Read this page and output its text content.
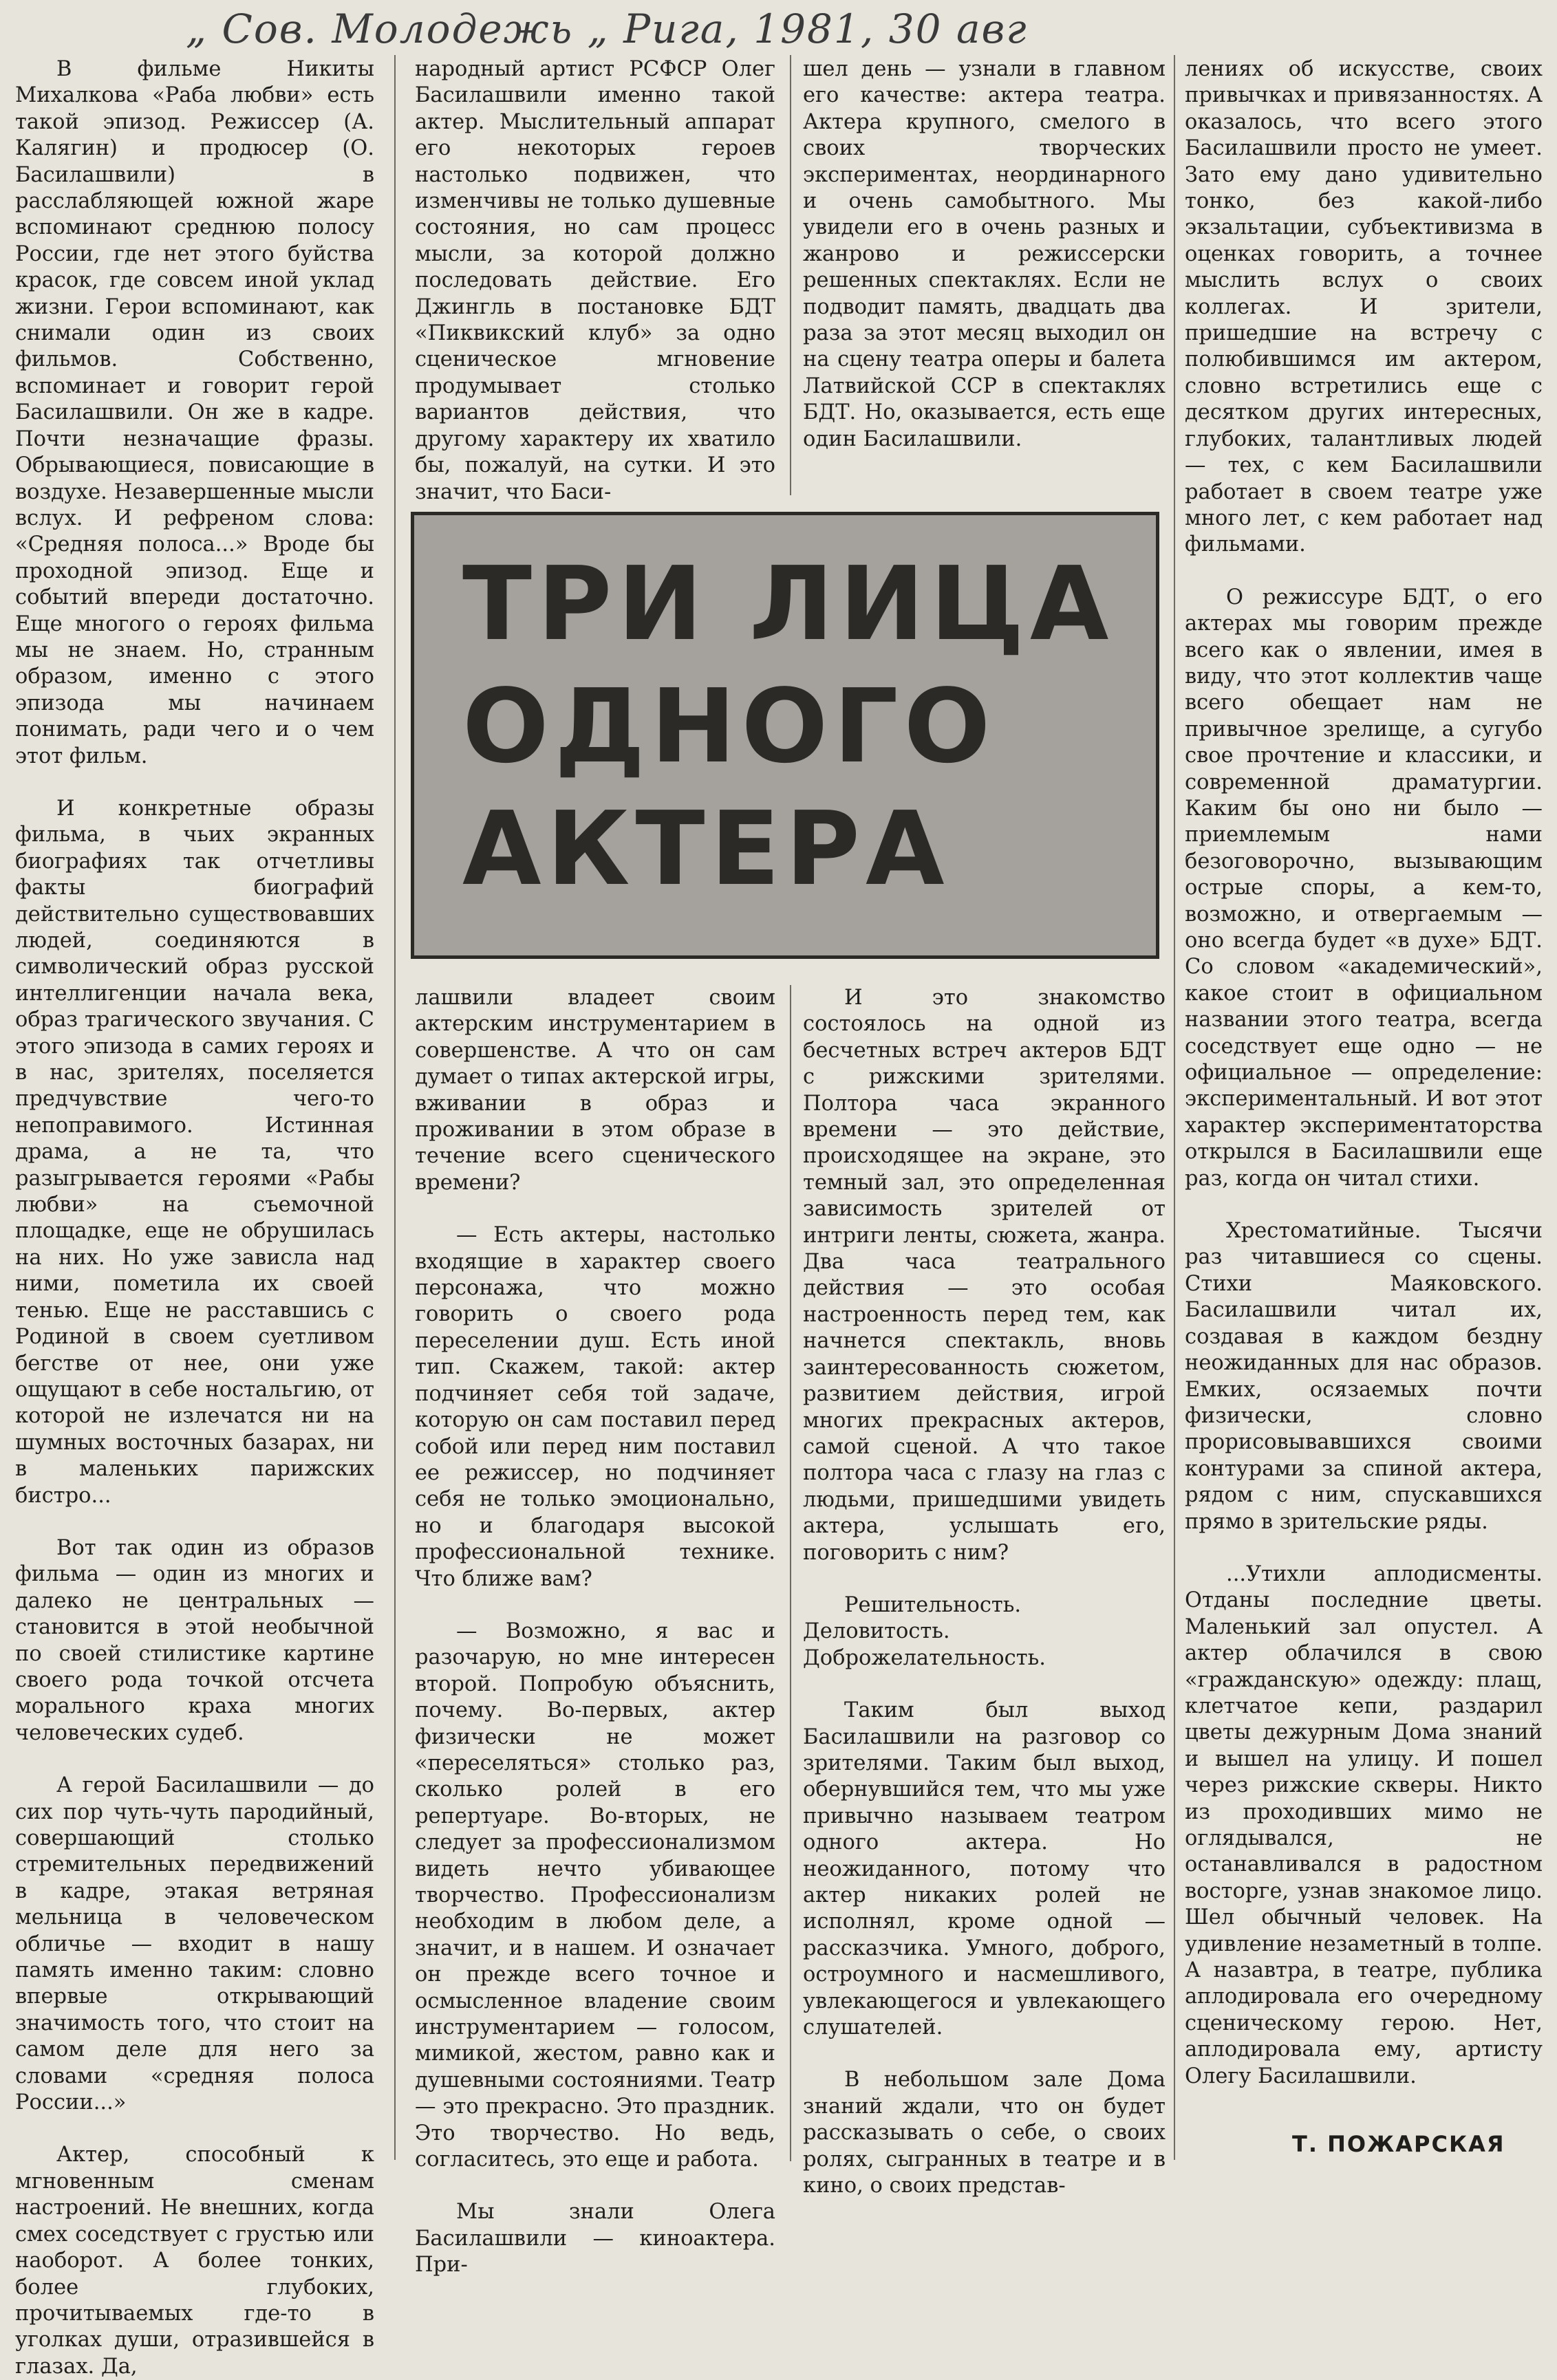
„ Сов. Молодежь „ Рига, 1981, 30 авг

В фильме Никиты Михалкова «Раба любви» есть такой эпизод. Режиссер (А. Калягин) и продюсер (О. Басилашвили) в расслабляющей южной жаре вспоминают среднюю полосу России, где нет этого буйства красок, где совсем иной уклад жизни. Герои вспоминают, как снимали один из своих фильмов. Собственно, вспоминает и говорит герой Басилашвили. Он же в кадре. Почти незначащие фразы. Обрывающиеся, повисающие в воздухе. Незавершенные мысли вслух. И рефреном слова: «Средняя полоса...» Вроде бы проходной эпизод. Еще и событий впереди достаточно. Еще многого о героях фильма мы не знаем. Но, странным образом, именно с этого эпизода мы начинаем понимать, ради чего и о чем этот фильм.

И конкретные образы фильма, в чьих экранных биографиях так отчетливы факты биографий действительно существовавших людей, соединяются в символический образ русской интеллигенции начала века, образ трагического звучания. С этого эпизода в самих героях и в нас, зрителях, поселяется предчувствие чего-то непоправимого. Истинная драма, а не та, что разыгрывается героями «Рабы любви» на съемочной площадке, еще не обрушилась на них. Но уже зависла над ними, пометила их своей тенью. Еще не расставшись с Родиной в своем суетливом бегстве от нее, они уже ощущают в себе ностальгию, от которой не излечатся ни на шумных восточных базарах, ни в маленьких парижских бистро...

Вот так один из образов фильма — один из многих и далеко не центральных — становится в этой необычной по своей стилистике картине своего рода точкой отсчета морального краха многих человеческих судеб.

А герой Басилашвили — до сих пор чуть-чуть пародийный, совершающий столько стремительных передвижений в кадре, этакая ветряная мельница в человеческом обличье — входит в нашу память именно таким: словно впервые открывающий значимость того, что стоит на самом деле для него за словами «средняя полоса России...»

Актер, способный к мгновенным сменам настроений. Не внешних, когда смех соседствует с грустью или наоборот. А более тонких, более глубоких, прочитываемых где-то в уголках души, отразившейся в глазах. Да,

народный артист РСФСР Олег Басилашвили именно такой актер. Мыслительный аппарат его некоторых героев настолько подвижен, что изменчивы не только душевные состояния, но сам процесс мысли, за которой должно последовать действие. Его Джингль в постановке БДТ «Пиквикский клуб» за одно сценическое мгновение продумывает столько вариантов действия, что другому характеру их хватило бы, пожалуй, на сутки. И это значит, что Баси-

шел день — узнали в главном его качестве: актера театра. Актера крупного, смелого в своих творческих экспериментах, неординарного и очень самобытного. Мы увидели его в очень разных и жанрово и режиссерски решенных спектаклях. Если не подводит память, двадцать два раза за этот месяц выходил он на сцену театра оперы и балета Латвийской ССР в спектаклях БДТ. Но, оказывается, есть еще один Басилашвили.

ТРИ ЛИЦА
ОДНОГО
АКТЕРА

лашвили владеет своим актерским инструментарием в совершенстве. А что он сам думает о типах актерской игры, вживании в образ и проживании в этом образе в течение всего сценического времени?

— Есть актеры, настолько входящие в характер своего персонажа, что можно говорить о своего рода переселении душ. Есть иной тип. Скажем, такой: актер подчиняет себя той задаче, которую он сам поставил перед собой или перед ним поставил ее режиссер, но подчиняет себя не только эмоционально, но и благодаря высокой профессиональной технике. Что ближе вам?

— Возможно, я вас и разочарую, но мне интересен второй. Попробую объяснить, почему. Во-первых, актер физически не может «переселяться» столько раз, сколько ролей в его репертуаре. Во-вторых, не следует за профессионализмом видеть нечто убивающее творчество. Профессионализм необходим в любом деле, а значит, и в нашем. И означает он прежде всего точное и осмысленное владение своим инструментарием — голосом, мимикой, жестом, равно как и душевными состояниями. Театр — это прекрасно. Это праздник. Это творчество. Но ведь, согласитесь, это еще и работа.

Мы знали Олега Басилашвили — киноактера. При-

И это знакомство состоялось на одной из бесчетных встреч актеров БДТ с рижскими зрителями. Полтора часа экранного времени — это действие, происходящее на экране, это темный зал, это определенная зависимость зрителей от интриги ленты, сюжета, жанра. Два часа театрального действия — это особая настроенность перед тем, как начнется спектакль, вновь заинтересованность сюжетом, развитием действия, игрой многих прекрасных актеров, самой сценой. А что такое полтора часа с глазу на глаз с людьми, пришедшими увидеть актера, услышать его, поговорить с ним?

Решительность. Деловитость. Доброжелательность.

Таким был выход Басилашвили на разговор со зрителями. Таким был выход, обернувшийся тем, что мы уже привычно называем театром одного актера. Но неожиданного, потому что актер никаких ролей не исполнял, кроме одной — рассказчика. Умного, доброго, остроумного и насмешливого, увлекающегося и увлекающего слушателей.

В небольшом зале Дома знаний ждали, что он будет рассказывать о себе, о своих ролях, сыгранных в театре и в кино, о своих представ-

лениях об искусстве, своих привычках и привязанностях. А оказалось, что всего этого Басилашвили просто не умеет. Зато ему дано удивительно тонко, без какой-либо экзальтации, субъективизма в оценках говорить, а точнее мыслить вслух о своих коллегах. И зрители, пришедшие на встречу с полюбившимся им актером, словно встретились еще с десятком других интересных, глубоких, талантливых людей — тех, с кем Басилашвили работает в своем театре уже много лет, с кем работает над фильмами.

О режиссуре БДТ, о его актерах мы говорим прежде всего как о явлении, имея в виду, что этот коллектив чаще всего обещает нам не привычное зрелище, а сугубо свое прочтение и классики, и современной драматургии. Каким бы оно ни было — приемлемым нами безоговорочно, вызывающим острые споры, а кем-то, возможно, и отвергаемым — оно всегда будет «в духе» БДТ. Со словом «академический», какое стоит в официальном названии этого театра, всегда соседствует еще одно — не официальное — определение: экспериментальный. И вот этот характер экспериментаторства открылся в Басилашвили еще раз, когда он читал стихи.

Хрестоматийные. Тысячи раз читавшиеся со сцены. Стихи Маяковского. Басилашвили читал их, создавая в каждом бездну неожиданных для нас образов. Емких, осязаемых почти физически, словно прорисовывавшихся своими контурами за спиной актера, рядом с ним, спускавшихся прямо в зрительские ряды.

...Утихли аплодисменты. Отданы последние цветы. Маленький зал опустел. А актер облачился в свою «гражданскую» одежду: плащ, клетчатое кепи, раздарил цветы дежурным Дома знаний и вышел на улицу. И пошел через рижские скверы. Никто из проходивших мимо не оглядывался, не останавливался в радостном восторге, узнав знакомое лицо. Шел обычный человек. На удивление незаметный в толпе. А назавтра, в театре, публика аплодировала его очередному сценическому герою. Нет, аплодировала ему, артисту Олегу Басилашвили.

Т. ПОЖАРСКАЯ
